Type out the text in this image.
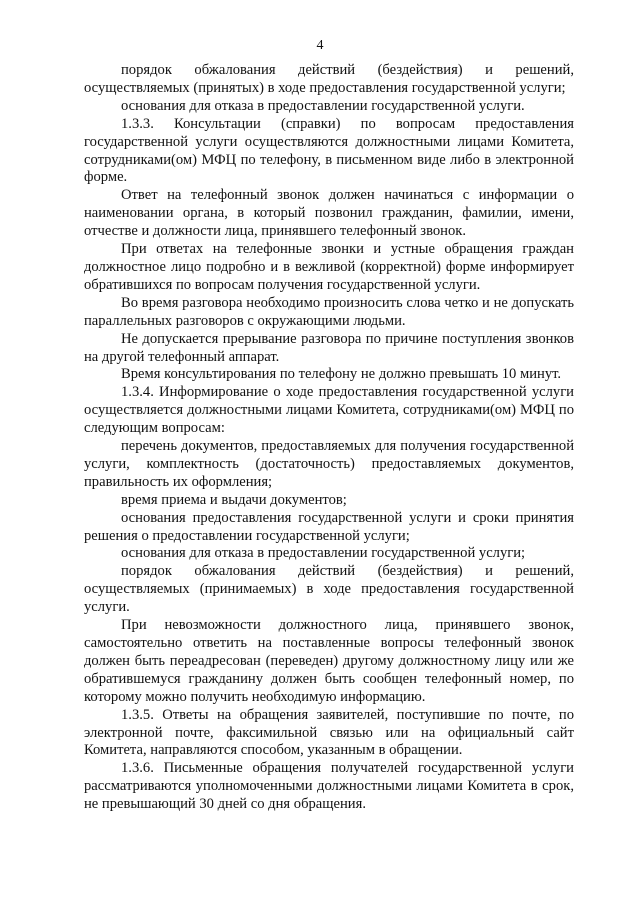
4

порядок обжалования действий (бездействия) и решений, осуществляемых (принятых) в ходе предоставления государственной услуги;

основания для отказа в предоставлении государственной услуги.

1.3.3. Консультации (справки) по вопросам предоставления государственной услуги осуществляются должностными лицами Комитета, сотрудниками(ом) МФЦ по телефону, в письменном виде либо в электронной форме.

Ответ на телефонный звонок должен начинаться с информации о наименовании органа, в который позвонил гражданин, фамилии, имени, отчестве и должности лица, принявшего телефонный звонок.

При ответах на телефонные звонки и устные обращения граждан должностное лицо подробно и в вежливой (корректной) форме информирует обратившихся по вопросам получения государственной услуги.

Во время разговора необходимо произносить слова четко и не допускать параллельных разговоров с окружающими людьми.

Не допускается прерывание разговора по причине поступления звонков на другой телефонный аппарат.

Время консультирования по телефону не должно превышать 10 минут.

1.3.4. Информирование о ходе предоставления государственной услуги осуществляется должностными лицами Комитета, сотрудниками(ом) МФЦ по следующим вопросам:

перечень документов, предоставляемых для получения государственной услуги, комплектность (достаточность) предоставляемых документов, правильность их оформления;

время приема и выдачи документов;

основания предоставления государственной услуги и сроки принятия решения о предоставлении государственной услуги;

основания для отказа в предоставлении государственной услуги;

порядок обжалования действий (бездействия) и решений, осуществляемых (принимаемых) в ходе предоставления государственной услуги.

При невозможности должностного лица, принявшего звонок, самостоятельно ответить на поставленные вопросы телефонный звонок должен быть переадресован (переведен) другому должностному лицу или же обратившемуся гражданину должен быть сообщен телефонный номер, по которому можно получить необходимую информацию.

1.3.5. Ответы на обращения заявителей, поступившие по почте, по электронной почте, факсимильной связью или на официальный сайт Комитета, направляются способом, указанным в обращении.

1.3.6. Письменные обращения получателей государственной услуги рассматриваются уполномоченными должностными лицами Комитета в срок, не превышающий 30 дней со дня обращения.
